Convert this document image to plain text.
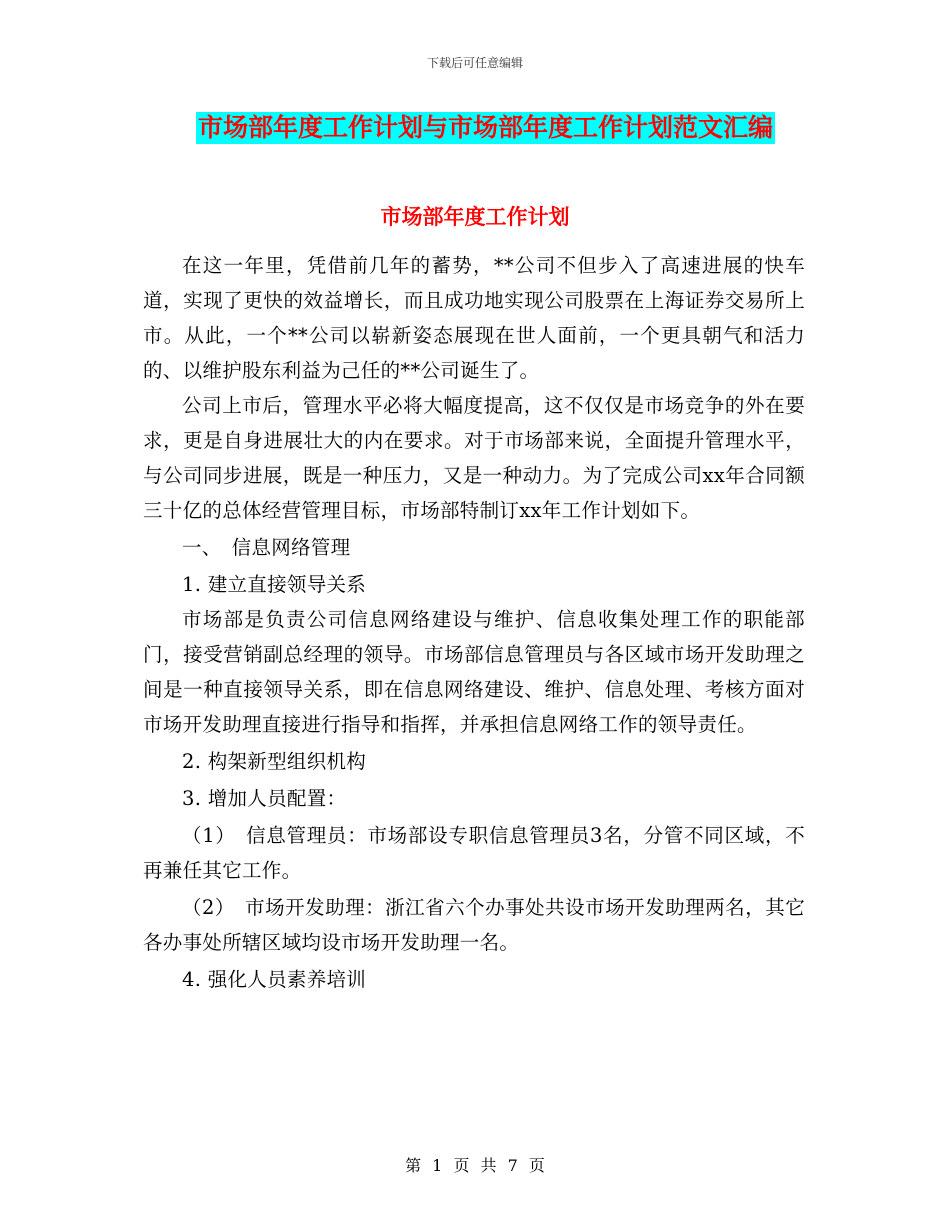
下载后可任意编辑
市场部年度工作计划与市场部年度工作计划范文汇编
市场部年度工作计划

在这一年里，凭借前几年的蓄势，**公司不但步入了高速进展的快车道，实现了更快的效益增长，而且成功地实现公司股票在上海证券交易所上市。从此，一个**公司以崭新姿态展现在世人面前，一个更具朝气和活力的、以维护股东利益为己任的**公司诞生了。

公司上市后，管理水平必将大幅度提高，这不仅仅是市场竞争的外在要求，更是自身进展壮大的内在要求。对于市场部来说，全面提升管理水平，与公司同步进展，既是一种压力，又是一种动力。为了完成公司xx年合同额三十亿的总体经营管理目标，市场部特制订xx年工作计划如下。

一、　信息网络管理

1. 建立直接领导关系

市场部是负责公司信息网络建设与维护、信息收集处理工作的职能部门，接受营销副总经理的领导。市场部信息管理员与各区域市场开发助理之间是一种直接领导关系，即在信息网络建设、维护、信息处理、考核方面对市场开发助理直接进行指导和指挥，并承担信息网络工作的领导责任。

2. 构架新型组织机构

3. 增加人员配置：

（1）　信息管理员：市场部设专职信息管理员3名，分管不同区域，不再兼任其它工作。

（2）　市场开发助理：浙江省六个办事处共设市场开发助理两名，其它各办事处所辖区域均设市场开发助理一名。

4. 强化人员素养培训

第 1 页 共 7 页
